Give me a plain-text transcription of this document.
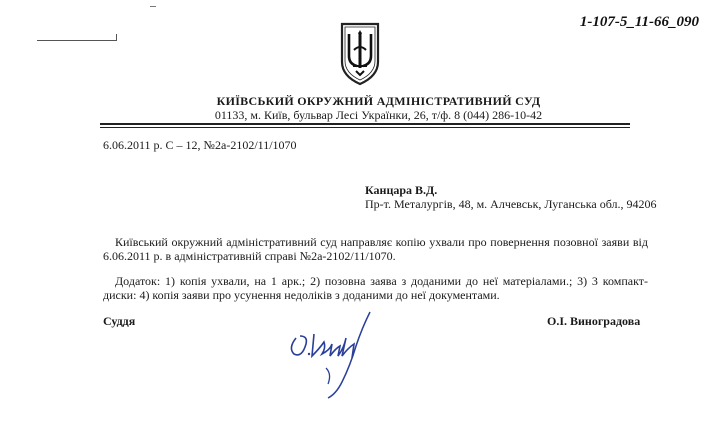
1-107-5_11-66_090
КИЇВСЬКИЙ ОКРУЖНИЙ АДМІНІСТРАТИВНИЙ СУД
01133, м. Київ, бульвар Лесі Українки, 26, т/ф. 8 (044) 286-10-42
6.06.2011 р. С – 12, №2а-2102/11/1070
Канцара В.Д.
Пр-т. Металургів, 48, м. Алчевськ, Луганська обл., 94206
Київський окружний адміністративний суд направляє копію ухвали про повернення позовної заяви від 6.06.2011 р. в адміністративній справі №2а-2102/11/1070.
Додаток: 1) копія ухвали, на 1 арк.; 2) позовна заява з доданими до неї матеріалами.; 3) 3 компакт-диски: 4) копія заяви про усунення недоліків з доданими до неї документами.
Суддя	О.І. Виноградова
